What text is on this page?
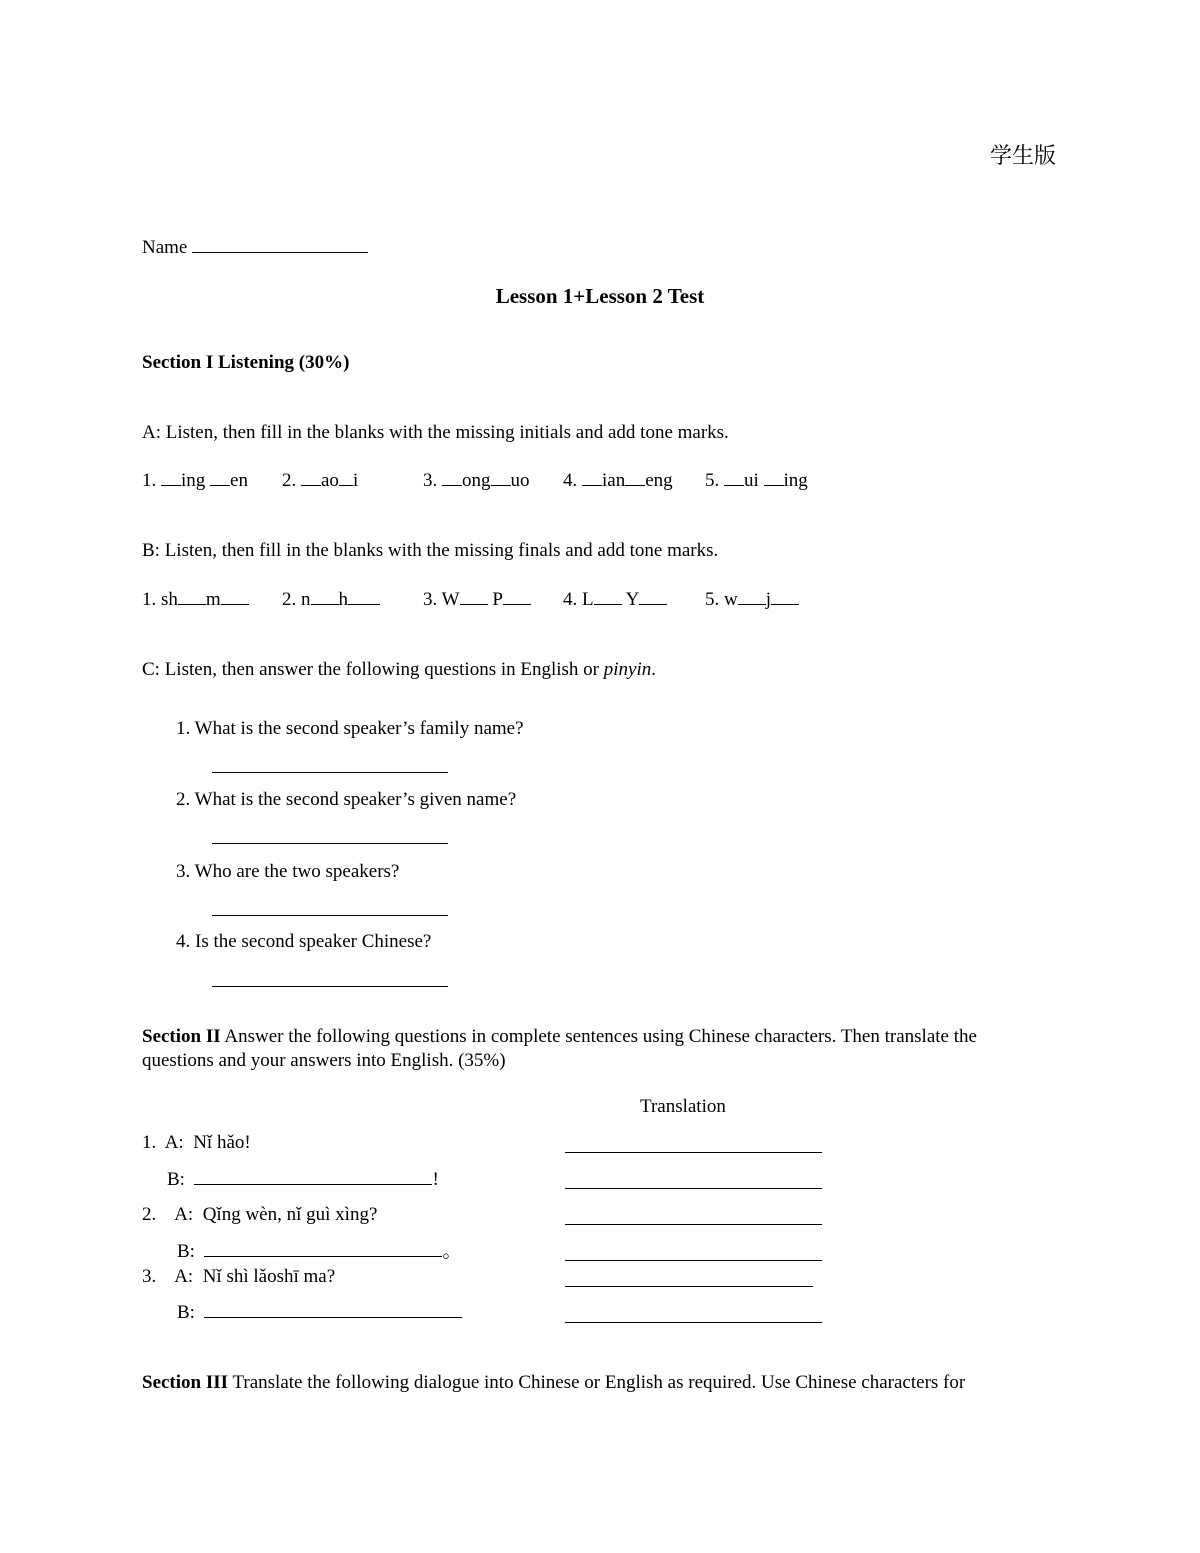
学生版
Name
Lesson 1+Lesson 2 Test
Section I Listening (30%)
A: Listen, then fill in the blanks with the missing initials and add tone marks.
1. ing en 2. ao i	3. ong uo 4. ian eng 5. ui ing
B: Listen, then fill in the blanks with the missing finals and add tone marks.
1. sh m	2. n h	3. W P	4. L Y	5. w j
C: Listen, then answer the following questions in English or pinyin.
1. What is the second speaker’s family name?
2. What is the second speaker’s given name?
3. Who are the two speakers?
4. Is the second speaker Chinese?
Section II Answer the following questions in complete sentences using Chinese characters. Then translate the
questions and your answers into English. (35%)
Translation
1. A: Nǐ hǎo!
B:	!
2. A: Qǐng wèn, nǐ guì xìng?
B:	。
3. A: Nǐ shì lǎoshī ma?
B:
Section III Translate the following dialogue into Chinese or English as required. Use Chinese characters for
